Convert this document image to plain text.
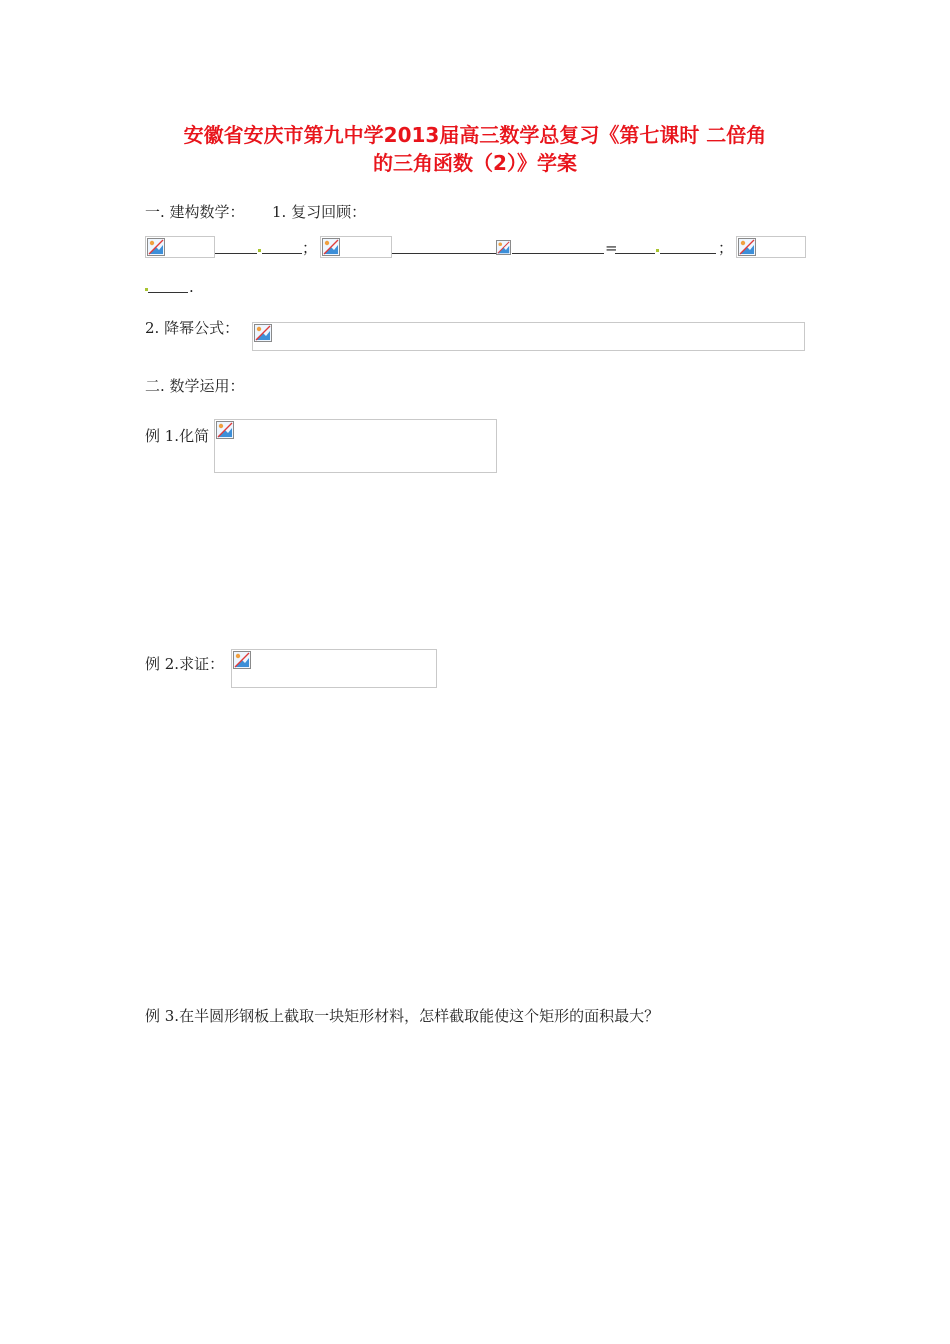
安徽省安庆市第九中学2013届高三数学总复习《第七课时 二倍角
的三角函数（2）》学案
一. 建构数学： 1. 复习回顾：
；	=	；
.
2. 降幂公式：
二. 数学运用：
例 1.化简
例 2.求证：
例 3.在半圆形钢板上截取一块矩形材料，怎样截取能使这个矩形的面积最大？
